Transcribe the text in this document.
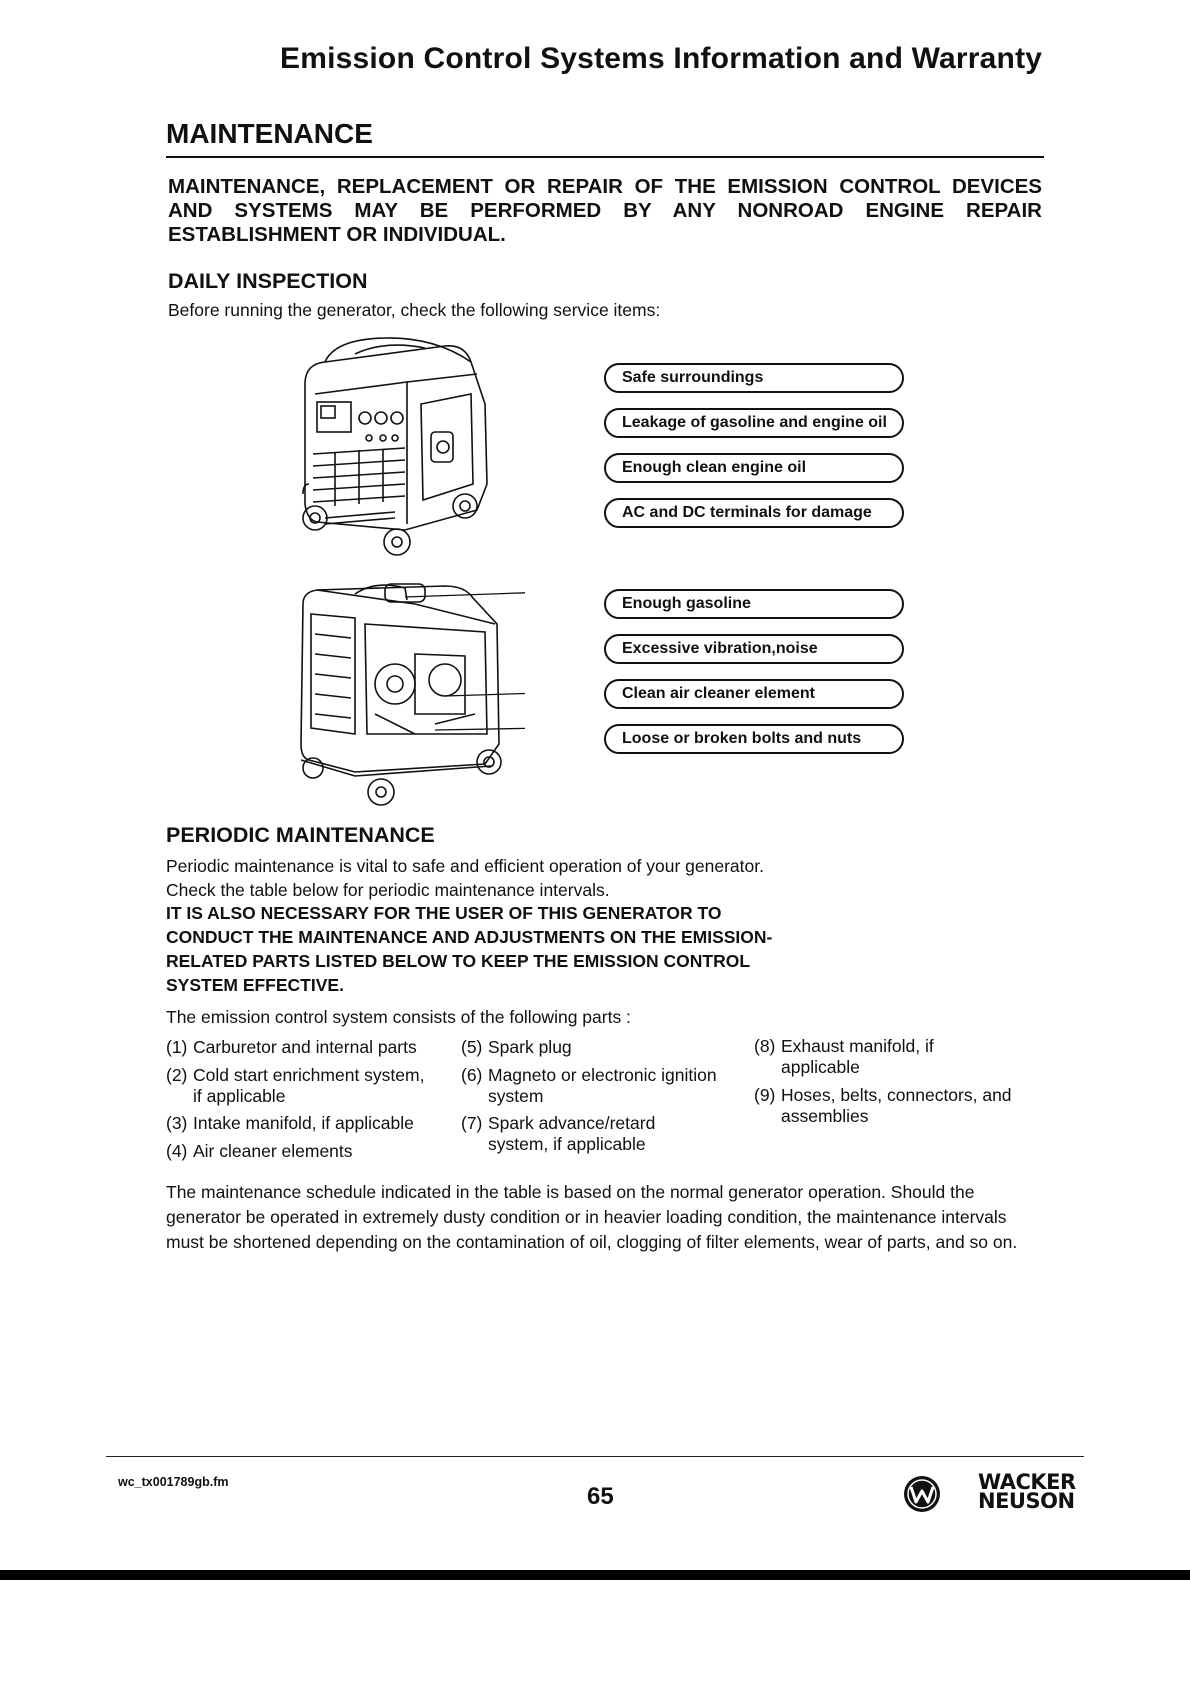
Emission Control Systems Information and Warranty
MAINTENANCE
MAINTENANCE, REPLACEMENT OR REPAIR OF THE EMISSION CONTROL DEVICES AND SYSTEMS MAY BE PERFORMED BY ANY NONROAD ENGINE REPAIR ESTABLISHMENT OR INDIVIDUAL.
DAILY INSPECTION
Before running the generator, check the following service items:
Safe surroundings
Leakage of gasoline and engine oil
Enough clean engine oil
AC and DC terminals for damage
Enough gasoline
Excessive vibration,noise
Clean air cleaner element
Loose or broken bolts and nuts
PERIODIC MAINTENANCE
Periodic maintenance is vital to safe and efficient operation of your generator.
Check the table below for periodic maintenance intervals.
IT IS ALSO NECESSARY FOR THE USER OF THIS GENERATOR TO
CONDUCT THE MAINTENANCE AND ADJUSTMENTS ON THE EMISSION-
RELATED PARTS LISTED BELOW TO KEEP THE EMISSION CONTROL
SYSTEM EFFECTIVE.
The emission control system consists of the following parts :
(1) Carburetor and internal parts
(2) Cold start enrichment system,
if applicable
(3) Intake manifold, if applicable
(4) Air cleaner elements
(5) Spark plug
(6) Magneto or electronic ignition
system
(7) Spark advance/retard
system, if applicable
(8) Exhaust manifold, if
applicable
(9) Hoses, belts, connectors, and
assemblies
The maintenance schedule indicated in the table is based on the normal generator operation. Should the generator be operated in extremely dusty condition or in heavier loading condition, the maintenance intervals must be shortened depending on the contamination of oil, clogging of filter elements, wear of parts, and so on.
wc_tx001789gb.fm
65
WACKER
NEUSON
